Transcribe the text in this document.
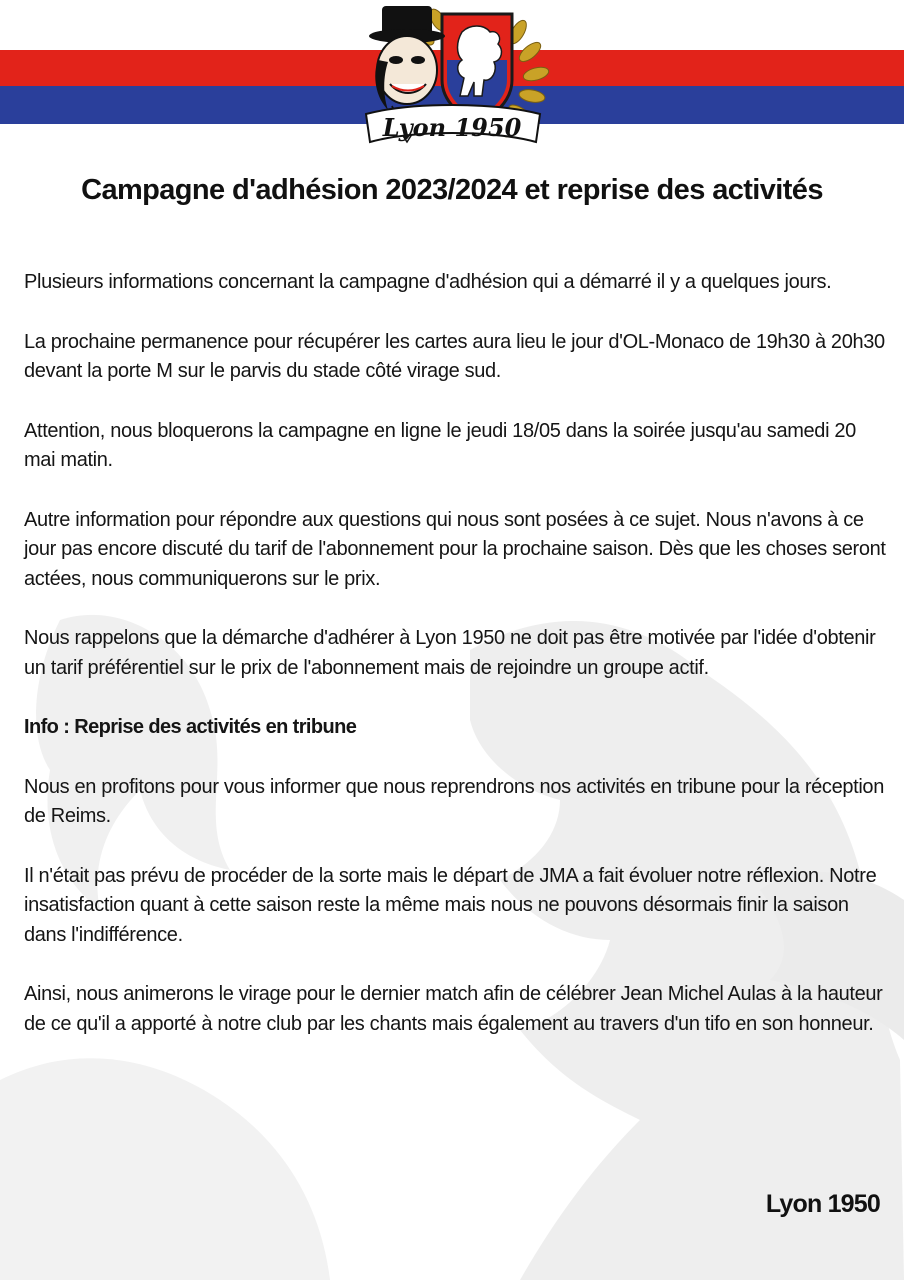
Lyon 1950
Campagne d'adhésion 2023/2024 et reprise des activités

Plusieurs informations concernant la campagne d'adhésion qui a démarré il y a quelques jours.

La prochaine permanence pour récupérer les cartes aura lieu le jour d'OL-Monaco de 19h30 à 20h30 devant la porte M sur le parvis du stade côté virage sud.

Attention, nous bloquerons la campagne en ligne le jeudi 18/05 dans la soirée jusqu'au samedi 20 mai matin.

Autre information pour répondre aux questions qui nous sont posées à ce sujet. Nous n'avons à ce jour pas encore discuté du tarif de l'abonnement pour la prochaine saison. Dès que les choses seront actées, nous communiquerons sur le prix.

Nous rappelons que la démarche d'adhérer à Lyon 1950 ne doit pas être motivée par l'idée d'obtenir un tarif préférentiel sur le prix de l'abonnement mais de rejoindre un groupe actif.

Info : Reprise des activités en tribune

Nous en profitons pour vous informer que nous reprendrons nos activités en tribune pour la réception de Reims.

Il n'était pas prévu de procéder de la sorte mais le départ de JMA a fait évoluer notre réflexion. Notre insatisfaction quant à cette saison reste la même mais nous ne pouvons désormais finir la saison dans l'indifférence.

Ainsi, nous animerons le virage pour le dernier match afin de célébrer Jean Michel Aulas à la hauteur de ce qu'il a apporté à notre club par les chants mais également au travers d'un tifo en son honneur.

Lyon 1950
